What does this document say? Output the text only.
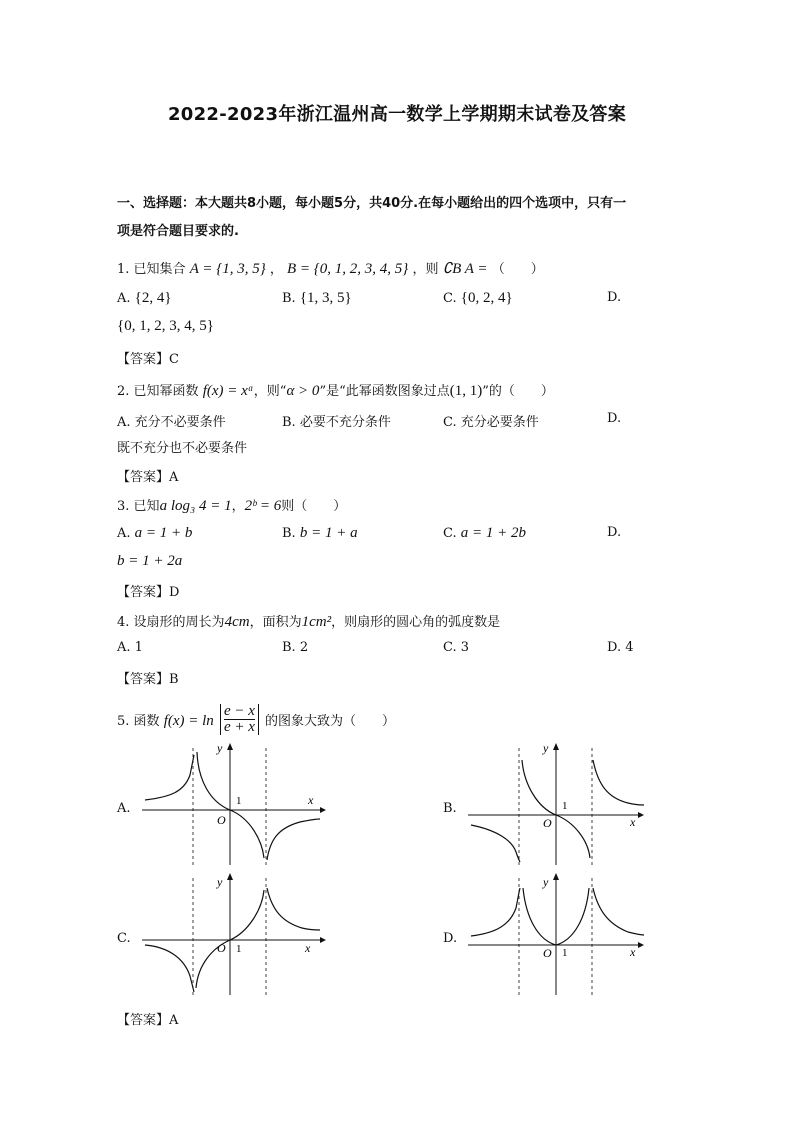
2022-2023年浙江温州高一数学上学期期末试卷及答案
一、选择题：本大题共8小题，每小题5分，共40分.在每小题给出的四个选项中，只有一
项是符合题目要求的.
1. 已知集合 A = {1, 3, 5} ， B = {0, 1, 2, 3, 4, 5} ，则 ∁B A = （　　）
A. {2, 4}	B. {1, 3, 5}	C. {0, 2, 4}	D.
{0, 1, 2, 3, 4, 5}
【答案】C
2. 已知幂函数 f(x) = xᵅ，则“α > 0”是“此幂函数图象过点(1, 1)”的（　　）
A. 充分不必要条件	B. 必要不充分条件	C. 充分必要条件	D.
既不充分也不必要条件
【答案】A
3. 已知a log₃ 4 = 1，2ᵇ = 6则（　　）
A. a = 1 + b	B. b = 1 + a	C. a = 1 + 2b	D.
b = 1 + 2a
【答案】D
4. 设扇形的周长为4cm，面积为1cm²，则扇形的圆心角的弧度数是
A. 1	B. 2	C. 3	D. 4
【答案】B
5. 函数 $f(x) = \ln \frac{e - x}{e + x}$ 的图象大致为（　　）
A.	B.
C.	D.
x
y
O
1
x
y
O
1
x
y
O 1	x
y
O 1
【答案】A
